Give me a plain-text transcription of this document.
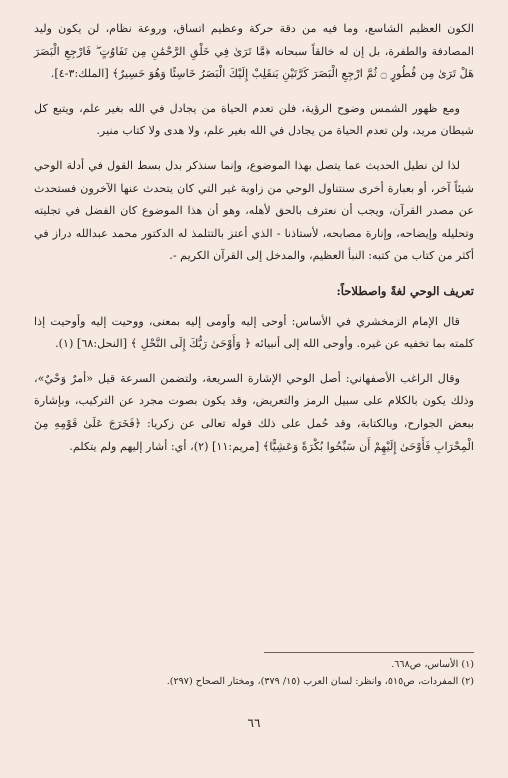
الكون العظيم الشاسع، وما فيه من دقة حركة وعظيم اتساق، وروعة نظام، لن يكون وليد المصادفة والطفرة، بل إن له خالقاً سبحانه ﴿مَّا تَرَىٰ فِي خَلْقِ الرَّحْمَٰنِ مِن تَفَاوُتٍ ۖ فَارْجِعِ الْبَصَرَ هَلْ تَرَىٰ مِن فُطُورٍ ۝ ثُمَّ ارْجِعِ الْبَصَرَ كَرَّتَيْنِ يَنقَلِبْ إِلَيْكَ الْبَصَرُ خَاسِئًا وَهُوَ حَسِيرٌ﴾ [الملك:٣-٤].

ومع ظهور الشمس وضوح الرؤية، فلن تعدم الحياة من يجادل في الله بغير علم، ويتبع كل شيطان مريد، ولن تعدم الحياة من يجادل في الله بغير علم، ولا هدى ولا كتاب منير.

لذا لن نطيل الحديث عما يتصل بهذا الموضوع، وإنما سنذكر بدل بسط القول في أدلة الوحي شيئاً آخر، أو بعبارة أخرى سنتناول الوحي من زاوية غير التي كان يتحدث عنها الآخرون فستحدث عن مصدر القرآن، ويجب أن نعترف بالحق لأهله، وهو أن هذا الموضوع كان الفضل في تجليته وتحليله وإيضاحه، وإنارة مصابحه، لأستاذنا - الذي أعتز بالتتلمذ له الدكتور محمد عبدالله دراز في أكثر من كتاب من كتبه: النبأ العظيم، والمدخل إلى القرآن الكريم -.

تعريف الوحي لغةً واصطلاحاً:

قال الإمام الزمخشري في الأساس: أوحى إليه وأومى إليه بمعنى، ووحيت إليه وأوحيت إذا كلمته بما تخفيه عن غيره. وأوحى الله إلى أنبيائه ﴿ وَأَوْحَىٰ رَبُّكَ إِلَى النَّحْلِ ﴾ [النحل:٦٨] (١).

وقال الراغب الأصفهاني: أصل الوحي الإشارة السريعة، ولتضمن السرعة قيل «أمرٌ وَحْيٌ»، وذلك يكون بالكلام على سبيل الرمز والتعريض، وقد يكون بصوت مجرد عن التركيب، وبإشارة ببعض الجوارح، وبالكتابة، وقد حُمل على ذلك قوله تعالى عن زكريا: ﴿فَخَرَجَ عَلَىٰ قَوْمِهِ مِنَ الْمِحْرَابِ فَأَوْحَىٰ إِلَيْهِمْ أَن سَبِّحُوا بُكْرَةً وَعَشِيًّا﴾ [مريم:١١] (٢)، أي: أشار إليهم ولم يتكلم.

(١) الأساس، ص٦٦٨.
(٢) المفردات، ص٥١٥، وانظر: لسان العرب (١٥/ ٣٧٩)، ومختار الصحاح (٢٩٧).
٦٦
